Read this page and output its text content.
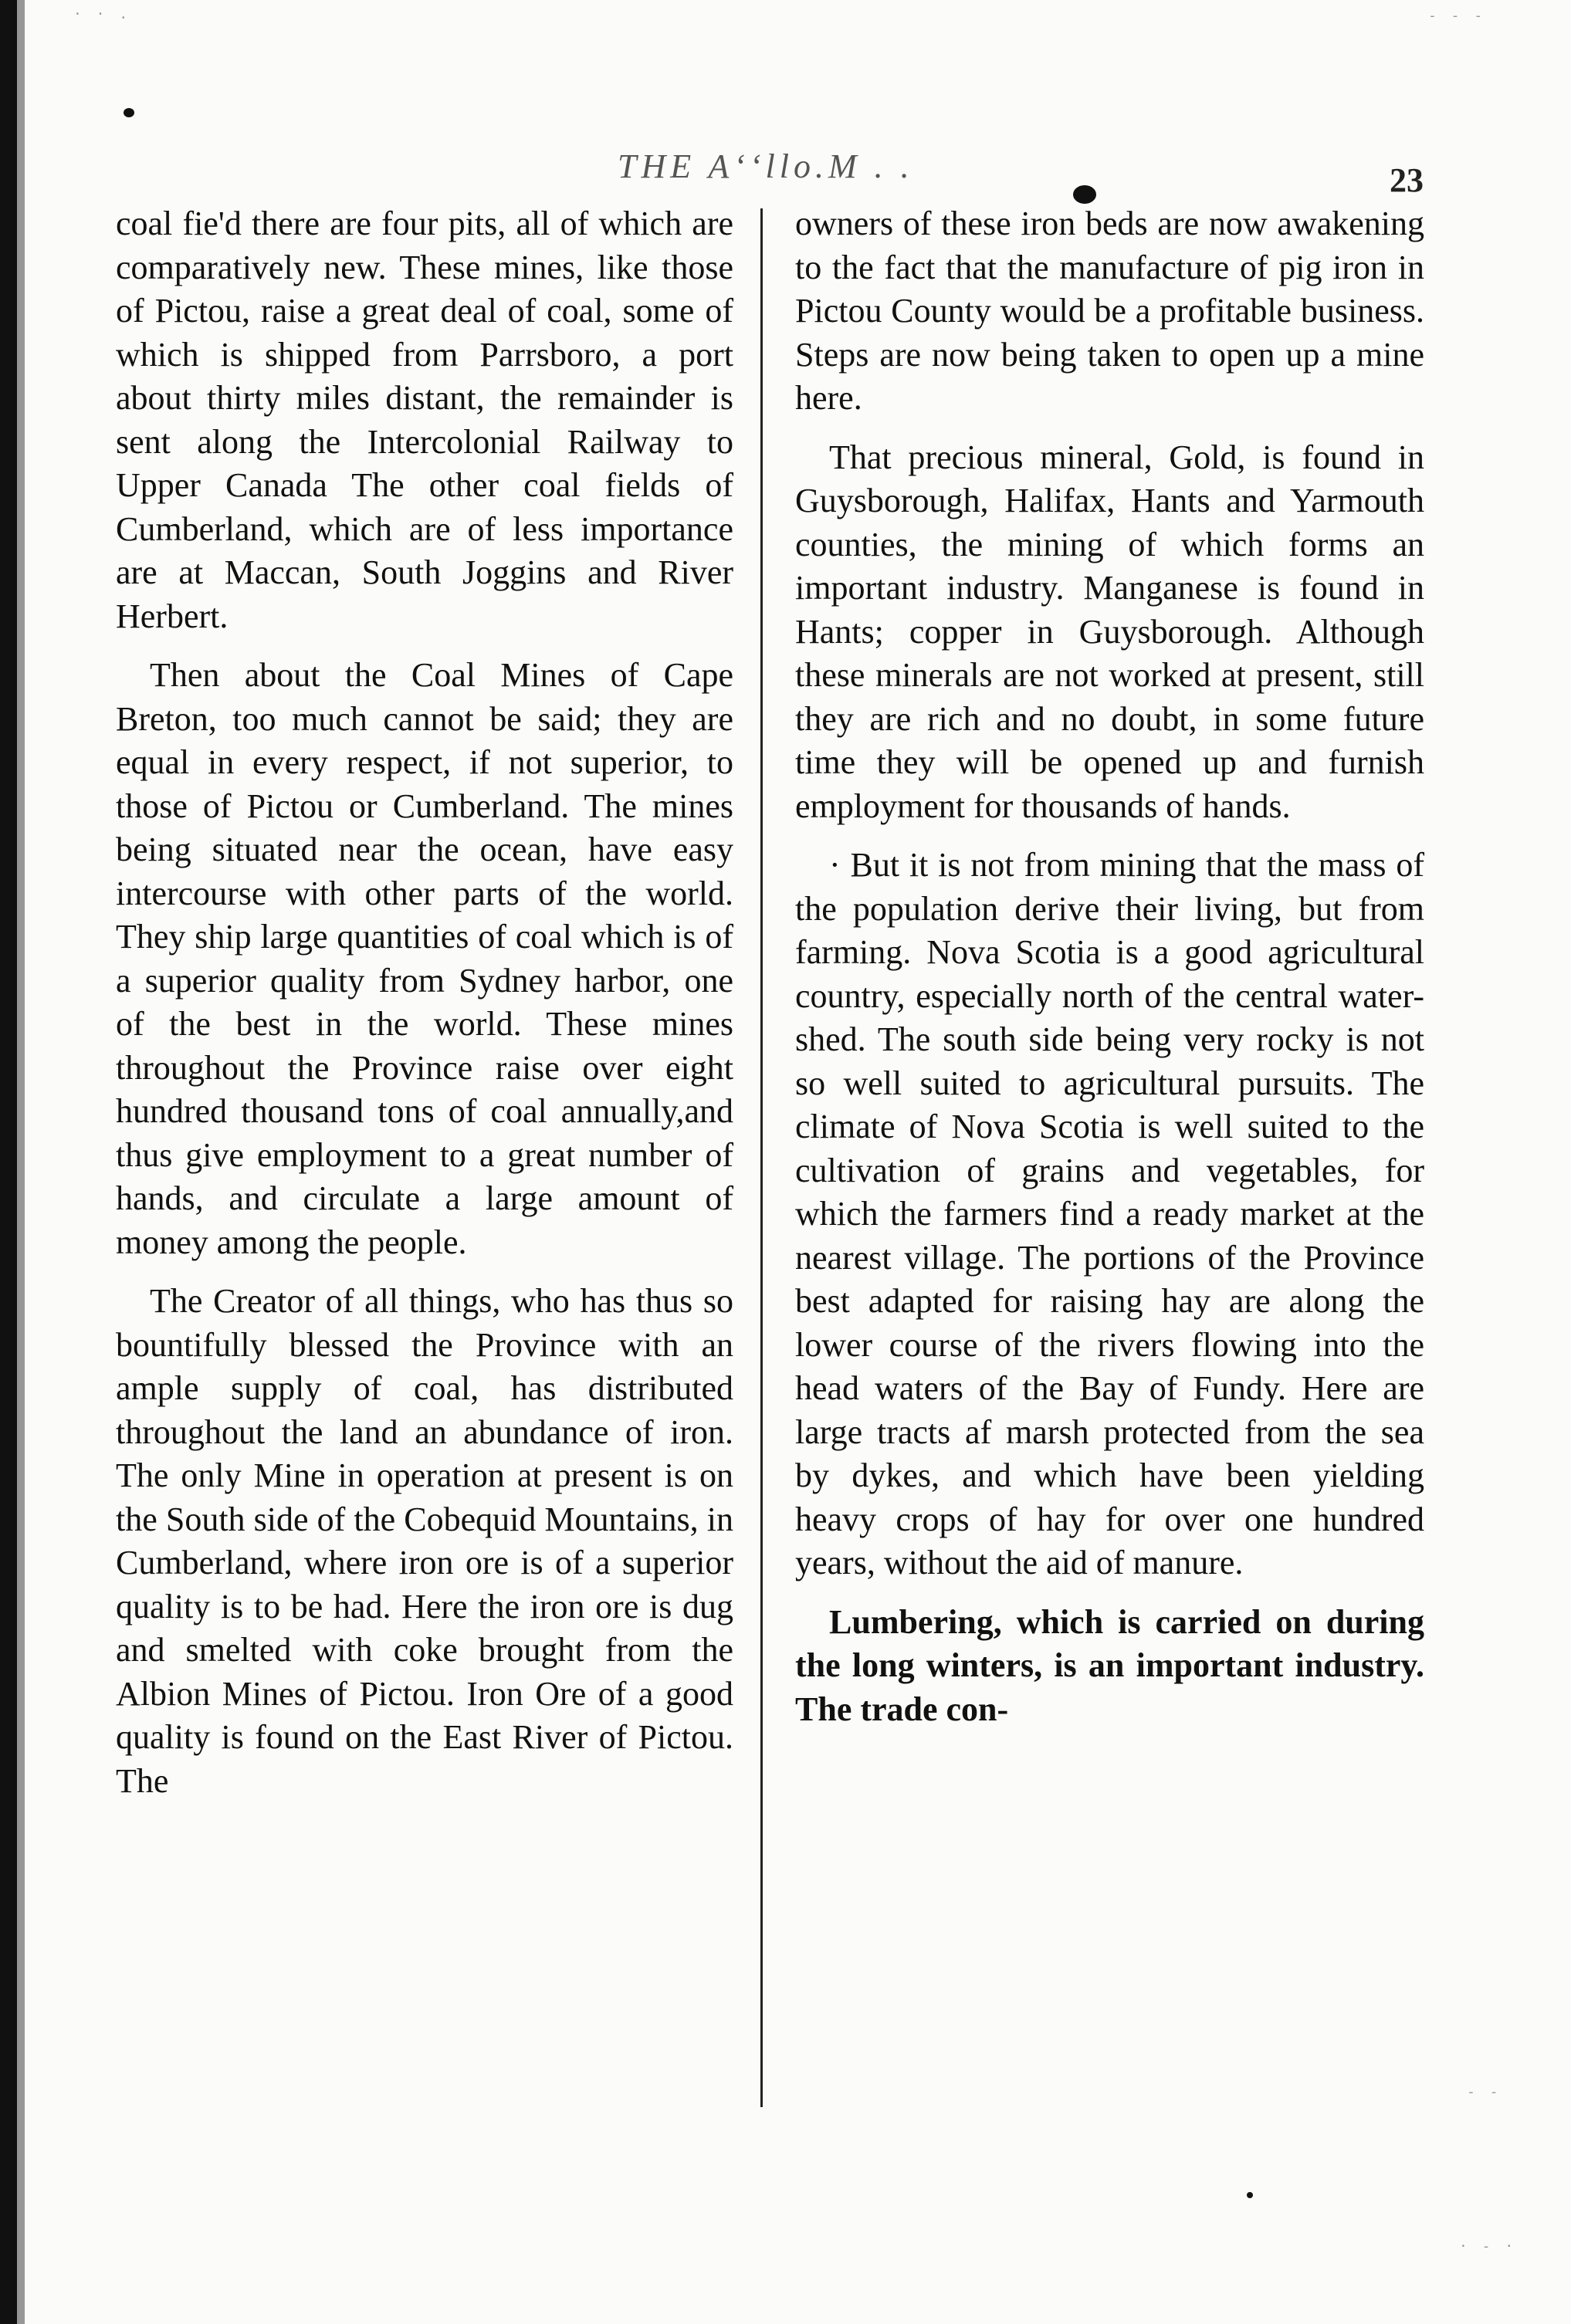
· · .	- - -
- -
· - ·
THE Aʻʻllo.M . .	23

coal fie'd there are four pits, all of which are comparatively new. These mines, like those of Pictou, raise a great deal of coal, some of which is shipped from Parrsboro, a port about thirty miles distant, the remainder is sent along the Intercolonial Railway to Upper Canada The other coal fields of Cumberland, which are of less importance are at Maccan, South Joggins and River Herbert.

Then about the Coal Mines of Cape Breton, too much cannot be said; they are equal in every respect, if not superior, to those of Pictou or Cumberland. The mines being situated near the ocean, have easy intercourse with other parts of the world. They ship large quantities of coal which is of a superior quality from Sydney harbor, one of the best in the world. These mines throughout the Province raise over eight hundred thousand tons of coal annually,and thus give employment to a great number of hands, and circulate a large amount of money among the people.

The Creator of all things, who has thus so bountifully blessed the Province with an ample supply of coal, has distributed throughout the land an abundance of iron. The only Mine in operation at present is on the South side of the Cobequid Mountains, in Cumberland, where iron ore is of a superior quality is to be had. Here the iron ore is dug and smelted with coke brought from the Albion Mines of Pictou. Iron Ore of a good quality is found on the East River of Pictou. The

owners of these iron beds are now awakening to the fact that the manufacture of pig iron in Pictou County would be a profitable business. Steps are now being taken to open up a mine here.

That precious mineral, Gold, is found in Guysborough, Halifax, Hants and Yarmouth counties, the mining of which forms an important industry. Manganese is found in Hants; copper in Guysborough. Although these minerals are not worked at present, still they are rich and no doubt, in some future time they will be opened up and furnish employment for thousands of hands.

· But it is not from mining that the mass of the population derive their living, but from farming. Nova Scotia is a good agricultural country, especially north of the central water-shed. The south side being very rocky is not so well suited to agricultural pursuits. The climate of Nova Scotia is well suited to the cultivation of grains and vegetables, for which the farmers find a ready market at the nearest village. The portions of the Province best adapted for raising hay are along the lower course of the rivers flowing into the head waters of the Bay of Fundy. Here are large tracts af marsh protected from the sea by dykes, and which have been yielding heavy crops of hay for over one hundred years, without the aid of manure.

Lumbering, which is carried on during the long winters, is an important industry. The trade con-
